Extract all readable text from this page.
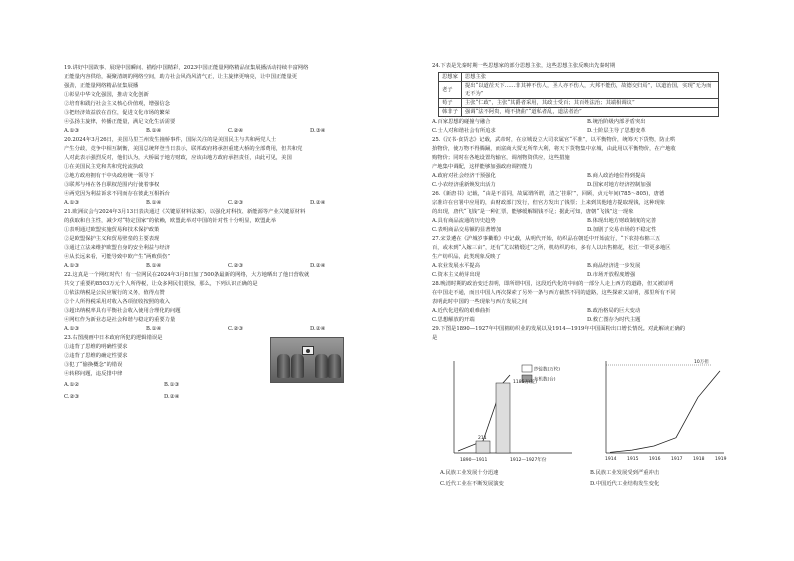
19.讲好中国故事、展现中国瞬间、描绘中国精彩，2023中国正能量网络精品征集展播活动持续丰富网络

正能量内容供给，凝聚清朗的网络空间，助力社会风尚风清气正，让主旋律更响亮，让中国正能量更

强劲，正能量网络精品征集展播

①彰显中华文化强国，推动文化创新

②培育和践行社会主义核心价值观，增强信念

③把经济效益放在首位，促进文化市场的繁荣

④弘扬主旋律，传播正能量，满足文化生活需要

A.①③	B.①④	C.②④	D.③④

20.2024年3月26日，美国马里兰州发生撞桥事件，国际关注的是美国民主与共和两党人士

产生分歧，竞争中相互制衡，美国总统拜登当日表示，联邦政府将承担重建大桥的全部费用，但共和党

人对此表示强烈反对，他们认为，大桥属于地方财政，应该由地方政府承担责任，由此可见，美国

①在美国民主党和共和党轮流执政

②地方政府拥有干中央政府统一领导下

③联邦与州在各自职权范围内行使着事权

④两党因为利益诉求不同而存在彼此互相拆台

A.①③	B.①④	C.②③	D.②④

21.欧洲议会与2024年3月13日表决通过《关键原材料法案》，以强化对科技、新能源等产业关键原材料

的获取和自主性，减少对“特定国家”的依赖，欧盟此举对中国的针对性十分明显，欧盟此举

①表明通过欧盟实施贸易和技术保护政策

②是欧盟保护主义和贸易壁垒的主要表现

③通过立法来维护欧盟自身的安全利益与经济

④从长远来看，可能导致中欧产生“两败俱伤”

A.①③	B.①④	C.②③	D.②④

22.这真是一个网红时代！有一位网民在2024年3月8日加了500条最新的网络，大方地晒出了他日营收就

共交了重要约8503万元个人所得税，让众多网民们震惊，那么，下列认识正确的是

①依法纳税是公民应履行的义务，值得点赞

②个人所得税采用对收入各项征收按照的收入

③超出纳税率具有平衡社会收入使用合理化的问题

④网红作为新业态是社会和谐与稳定的重要力量

A.①③	B.①④	C.②③	D.②④

23.右图漫画中日本政府所犯的逻辑错误是

①违背了思维的明确性要求

②违背了思维的确定性要求

③犯了“偷换概念”的错误

④转移问题，违反排中律

A.①②	B.①③
C.②③	D.②④

24.下表是先秦时期一些思想家的部分思想主张，这些思想主张反映出先秦时期

思想家	思想主张
老子	提出“以道莅天下……非其神不伤人，圣人亦不伤人，大邦不能伤，故德交归焉”，以道治国，实现“无为而无不为”
荀子	主张“仁政”，主张“其爵者采用，其政士受百；其百姓法治；其端相调议”
韩非子	强调“法不阿贵，绳不挠曲”“道私者乱，道法者治”
A.百家思想的碰撞与融合	B.统治阶级内部矛盾突出
C.士人对和谐社会有所追求	D.士阶层主导了思想变革

25.《汉书·食货志》记载，武帝时，在京城设立大司农属官“平准”，以平衡物价，统筹天下货物，防止哄

抬物价，使万物不得腾踊，而富商大贾无所牟大利，将天下货物集中京城，由此用以平衡物价，在产地收

购物价；同时在各地设置均输官，调剂物资供应，这些措施

产地集中调配，这样能够加强政府调控能力

A.政府对社会经济干预强化	B.商人政治地位得到提高
C.小农经济重新焕发出活力	D.国家对地方经济控制加强

26.《新唐书》记载，“由是不雷同，故属谓所谓，清之‘挂职’”，回顾，贞元年间(785～805)，唐德

宗准许在官署中应用的，由财政部门发行，但官方发出了钱票；上来到其他地方提取现钱，这种现象

的出现，唐代“飞钱”是一种汇票，能够缓解铜钱不足；据此可知，唐朝“飞钱”这一现象

A.具有商品流通的历史趋势	B.体现出地方财政制度的完善
C.表明商品交易额的显著增加	D.加剧了交易市场的不稳定性

27.宋景遴在《沪城岁事衢歌》中记载，从明代开始，纺织品在朝廷中开始流行，“下农持布棉三五

百，或未到“入嫁三亩”，还有“尤以精缎过”之所，机纺织的布，多有人以出售棉花，松江一带更多地区

生产纺织品，此类现象反映了

A.农业发展水平提高	B.商品经济进一步发展
C.资本主义萌芽出现	D.市场开放程度增强

28.晚清时期的政治变迁表明，即所谓中国，这段近代化的中间的一部分人走上西方的道路，但又被证明

在中国走不通，而且中国人再次探索了另外一条与西方截然不同的道路，这些探索又证明，那里所有不同

表明此时中国的一些现象与西方发展之间

A.近代化进程的艰难曲折	B.政治格局的巨大变动
C.思想解放的开端	D.救亡图存为时代主题

29.下图是1890—1927年中国棉纺织业的发展以及1914—1919年中国面粉出口增长情况。对此解读正确的

是

纱锭数(万枚)
布机数(台)
211
1185万(锭)
1890—1911	1912—1927年份
10万担
1914 1915 1916 1917 1918 1919
A.民族工业发展十分迅速	B.民族工业发展受到严重冲击
C.近代工业在不断发展演变	D.中国近代工业结构发生变化
